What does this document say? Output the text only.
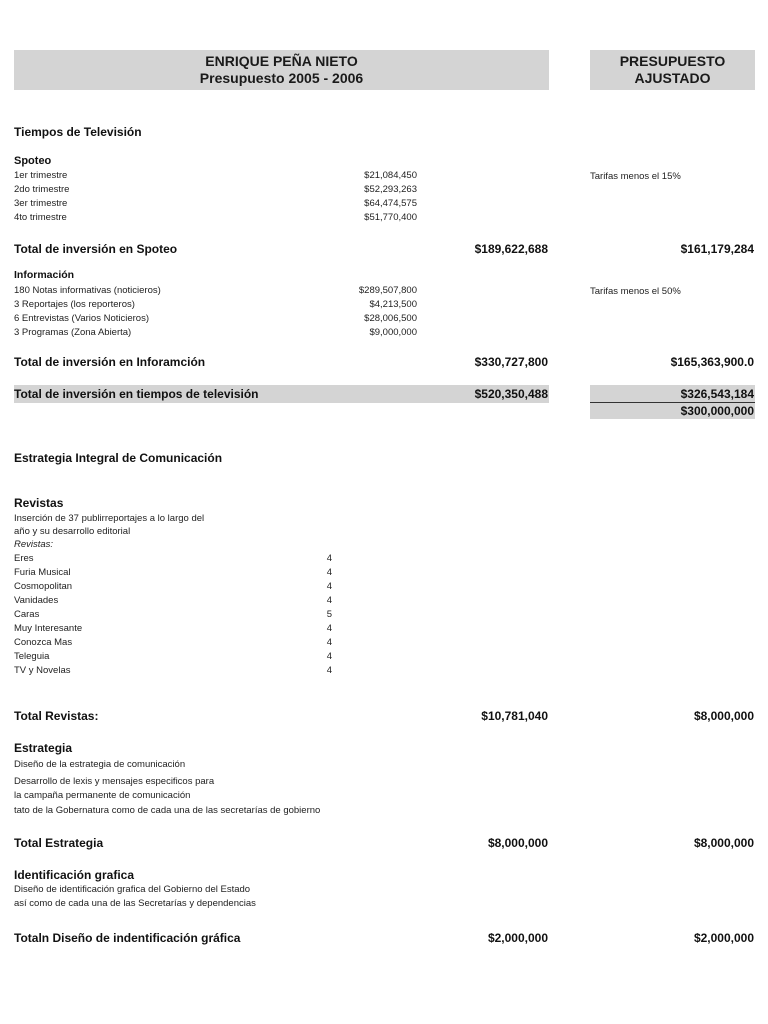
ENRIQUE PEÑA NIETO
Presupuesto 2005 - 2006
PRESUPUESTO
AJUSTADO
Tiempos de Televisión
Spoteo
1er trimestre	$21,084,450
2do trimestre	$52,293,263
3er trimestre	$64,474,575
4to trimestre	$51,770,400
Tarifas menos el 15%
Total de inversión en Spoteo	$189,622,688	$161,179,284
Información
180 Notas informativas (noticieros)	$289,507,800
3 Reportajes (los reporteros)	$4,213,500
6 Entrevistas (Varios Noticieros)	$28,006,500
3 Programas (Zona Abierta)	$9,000,000
Tarifas menos el 50%
Total de inversión en Inforamción	$330,727,800	$165,363,900.0
Total de inversión en tiempos de televisión	$520,350,488	$326,543,184
$300,000,000
Estrategia Integral de Comunicación
Revistas
Inserción de 37 publirreportajes a lo largo del
año y su desarrollo editorial
Revistas:
Eres	4
Furia Musical	4
Cosmopolitan	4
Vanidades	4
Caras	5
Muy Interesante	4
Conozca Mas	4
Teleguia	4
TV y Novelas	4
Total Revistas:	$10,781,040	$8,000,000
Estrategia
Diseño de la estrategia de comunicación
Desarrollo de lexis y mensajes especificos para
la campaña permanente de comunicación
tato de la Gobernatura como de cada una de las secretarías de gobierno
Total Estrategia	$8,000,000	$8,000,000
Identificación grafica
Diseño de identificación grafica del Gobierno del Estado
así como de cada una de las Secretarías y dependencias
Totaln Diseño de indentificación gráfica	$2,000,000	$2,000,000
